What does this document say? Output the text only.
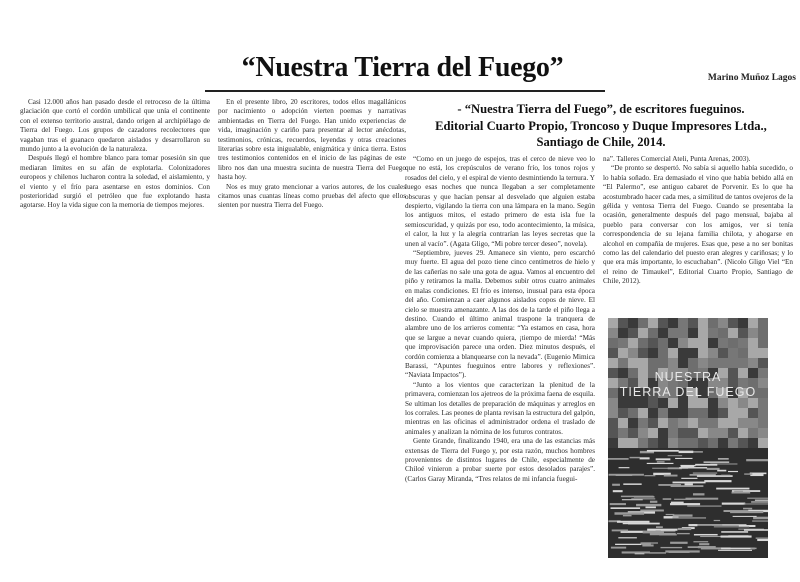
“Nuestra Tierra del Fuego”	Marino Muñoz Lagos

Casi 12.000 años han pasado desde el retroceso de la última glaciación que cortó el cordón umbilical que unía el continente con el extenso territorio austral, dando origen al archipiélago de Tierra del Fuego. Los grupos de cazadores recolectores que vagaban tras el guanaco quedaron aislados y desarrollaron su mundo junto a la evolución de la naturaleza.

Después llegó el hombre blanco para tomar posesión sin que mediaran límites en su afán de explotarla. Colonizadores europeos y chilenos lucharon contra la soledad, el aislamiento, y el viento y el frío para asentarse en estos dominios. Con posterioridad surgió el petróleo que fue explotando hasta agotarse. Hoy la vida sigue con la memoria de tiempos mejores.

En el presente libro, 20 escritores, todos ellos magallánicos por nacimiento o adopción vierten poemas y narrativas ambientadas en Tierra del Fuego. Han unido experiencias de vida, imaginación y cariño para presentar al lector anécdotas, testimonios, crónicas, recuerdos, leyendas y otras creaciones literarias sobre esta inigualable, enigmática y única tierra. Estos tres testimonios contenidos en el inicio de las páginas de este libro nos dan una muestra sucinta de nuestra Tierra del Fuego hasta hoy.

Nos es muy grato mencionar a varios autores, de los cuales citamos unas cuantas líneas como pruebas del afecto que ellos sienten por nuestra Tierra del Fuego.

- “Nuestra Tierra del Fuego”, de escritores fueguinos.
Editorial Cuarto Propio, Troncoso y Duque Impresores Ltda.,
Santiago de Chile, 2014.

“Como en un juego de espejos, tras el cerco de nieve veo lo que no está, los crepúsculos de verano frío, los tonos rojos y rosados del cielo, y el espiral de viento desmintiendo la ternura. Y luego esas noches que nunca llegaban a ser completamente obscuras y que hacían pensar al desvelado que alguien estaba despierto, vigilando la tierra con una lámpara en la mano. Según los antiguos mitos, el estado primero de esta isla fue la semioscuridad, y quizás por eso, todo acontecimiento, la música, el calor, la luz y la alegría contrarían las leyes secretas que la unen al vacío”. (Agata Gligo, “Mi pobre tercer deseo”, novela).

“Septiembre, jueves 29. Amanece sin viento, pero escarchó muy fuerte. El agua del pozo tiene cinco centímetros de hielo y de las cañerías no sale una gota de agua. Vamos al encuentro del piño y retiramos la malla. Debemos subir otros cuatro animales en malas condiciones. El frío es intenso, inusual para esta época del año. Comienzan a caer algunos aislados copos de nieve. El cielo se muestra amenazante. A las dos de la tarde el piño llega a destino. Cuando el último animal traspone la tranquera de alambre uno de los arrieros comenta: “Ya estamos en casa, hora que se largue a nevar cuando quiera, ¡tiempo de mierda! “Más que improvisación parece una orden. Diez minutos después, el cordón comienza a blanquearse con la nevada”. (Eugenio Mimica Barassi, “Apuntes fueguinos entre labores y reflexiones”. “Naviata Impactos”).

“Junto a los vientos que caracterizan la plenitud de la primavera, comienzan los ajetreos de la próxima faena de esquila. Se ultiman los detalles de preparación de máquinas y arreglos en los corrales. Las peones de planta revisan la estructura del galpón, mientras en las oficinas el administrador ordena el traslado de animales y analizan la nómina de los futuros contratos.

Gente Grande, finalizando 1940, era una de las estancias más extensas de Tierra del Fuego y, por esta razón, muchos hombres provenientes de distintos lugares de Chile, especialmente de Chiloé vinieron a probar suerte por estos desolados parajes”. (Carlos Garay Miranda, “Tres relatos de mi infancia fuegui-

na”. Talleres Comercial Ateli, Punta Arenas, 2003).

“De pronto se despertó. No sabía si aquello había sucedido, o lo había soñado. Era demasiado el vino que había bebido allá en “El Palermo”, ese antiguo cabaret de Porvenir. Es lo que ha acostumbrado hacer cada mes, a similitud de tantos ovejeros de la gélida y ventosa Tierra del Fuego. Cuando se presentaba la ocasión, generalmente después del pago mensual, bajaba al pueblo para conversar con los amigos, ver si tenía correspondencia de su lejana familia chilota, y ahogarse en alcohol en compañía de mujeres. Esas que, pese a no ser bonitas como las del calendario del puesto eran alegres y cariñosas; y lo que era más importante, lo escuchaban”. (Nicolo Gligo Viel “En el reino de Timaukel”, Editorial Cuarto Propio, Santiago de Chile, 2012).

NUESTRA
TIERRA DEL FUEGO
